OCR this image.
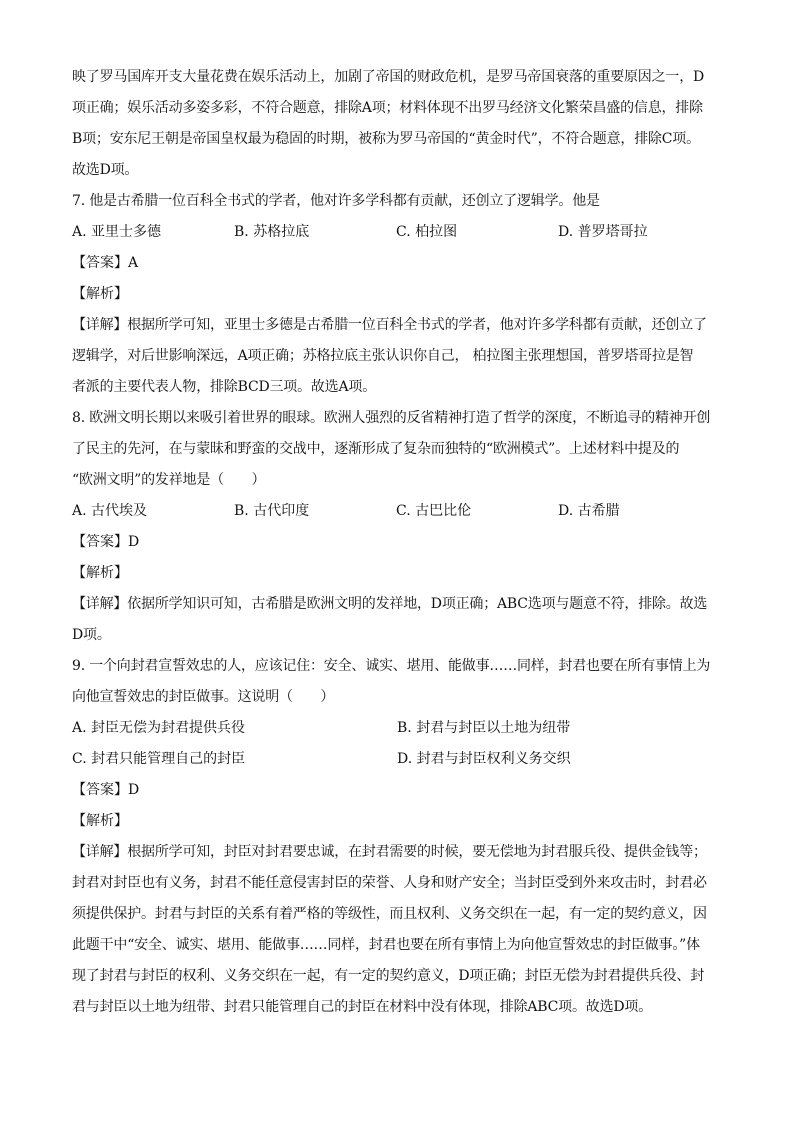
映了罗马国库开支大量花费在娱乐活动上，加剧了帝国的财政危机，是罗马帝国衰落的重要原因之一，D
项正确；娱乐活动多姿多彩，不符合题意，排除A项；材料体现不出罗马经济文化繁荣昌盛的信息，排除
B项；安东尼王朝是帝国皇权最为稳固的时期，被称为罗马帝国的“黄金时代”，不符合题意，排除C项。
故选D项。
7. 他是古希腊一位百科全书式的学者，他对许多学科都有贡献，还创立了逻辑学。他是
A. 亚里士多德	B. 苏格拉底	C. 柏拉图	D. 普罗塔哥拉
【答案】A
【解析】
【详解】根据所学可知，亚里士多德是古希腊一位百科全书式的学者，他对许多学科都有贡献，还创立了
逻辑学，对后世影响深远，A项正确；苏格拉底主张认识你自己， 柏拉图主张理想国，普罗塔哥拉是智
者派的主要代表人物，排除BCD三项。故选A项。
8. 欧洲文明长期以来吸引着世界的眼球。欧洲人强烈的反省精神打造了哲学的深度，不断追寻的精神开创
了民主的先河，在与蒙昧和野蛮的交战中，逐渐形成了复杂而独特的“欧洲模式”。上述材料中提及的
“欧洲文明”的发祥地是（　　）
A. 古代埃及	B. 古代印度	C. 古巴比伦	D. 古希腊
【答案】D
【解析】
【详解】依据所学知识可知，古希腊是欧洲文明的发祥地，D项正确；ABC选项与题意不符，排除。故选
D项。
9. 一个向封君宣誓效忠的人，应该记住：安全、诚实、堪用、能做事……同样，封君也要在所有事情上为
向他宣誓效忠的封臣做事。这说明（　　）
A. 封臣无偿为封君提供兵役	B. 封君与封臣以土地为纽带
C. 封君只能管理自己的封臣	D. 封君与封臣权利义务交织
【答案】D
【解析】
【详解】根据所学可知，封臣对封君要忠诚，在封君需要的时候，要无偿地为封君服兵役、提供金钱等；
封君对封臣也有义务，封君不能任意侵害封臣的荣誉、人身和财产安全；当封臣受到外来攻击时，封君必
须提供保护。封君与封臣的关系有着严格的等级性，而且权利、义务交织在一起，有一定的契约意义，因
此题干中“安全、诚实、堪用、能做事……同样，封君也要在所有事情上为向他宣誓效忠的封臣做事。”体
现了封君与封臣的权利、义务交织在一起，有一定的契约意义，D项正确；封臣无偿为封君提供兵役、封
君与封臣以土地为纽带、封君只能管理自己的封臣在材料中没有体现，排除ABC项。故选D项。
